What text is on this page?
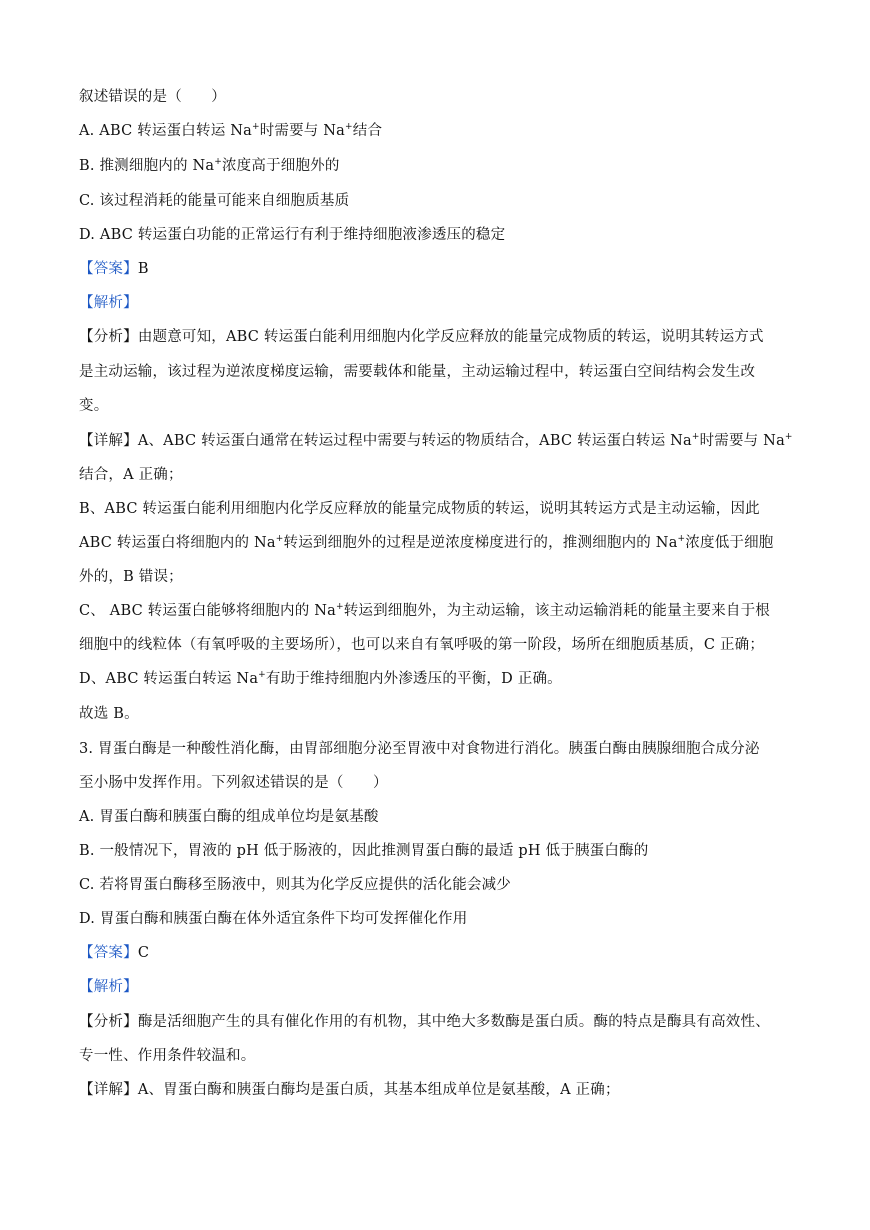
叙述错误的是（　　）
A. ABC 转运蛋白转运 Na+时需要与 Na+结合
B. 推测细胞内的 Na+浓度高于细胞外的
C. 该过程消耗的能量可能来自细胞质基质
D. ABC 转运蛋白功能的正常运行有利于维持细胞液渗透压的稳定
【答案】B
【解析】
【分析】由题意可知，ABC 转运蛋白能利用细胞内化学反应释放的能量完成物质的转运，说明其转运方式
是主动运输，该过程为逆浓度梯度运输，需要载体和能量，主动运输过程中，转运蛋白空间结构会发生改
变。
【详解】A、ABC 转运蛋白通常在转运过程中需要与转运的物质结合，ABC 转运蛋白转运 Na+时需要与 Na+
结合，A 正确；
B、ABC 转运蛋白能利用细胞内化学反应释放的能量完成物质的转运，说明其转运方式是主动运输，因此
ABC 转运蛋白将细胞内的 Na+转运到细胞外的过程是逆浓度梯度进行的，推测细胞内的 Na+浓度低于细胞
外的，B 错误；
C、 ABC 转运蛋白能够将细胞内的 Na+转运到细胞外，为主动运输，该主动运输消耗的能量主要来自于根
细胞中的线粒体（有氧呼吸的主要场所），也可以来自有氧呼吸的第一阶段，场所在细胞质基质，C 正确；
D、ABC 转运蛋白转运 Na+有助于维持细胞内外渗透压的平衡，D 正确。
故选 B。
3. 胃蛋白酶是一种酸性消化酶，由胃部细胞分泌至胃液中对食物进行消化。胰蛋白酶由胰腺细胞合成分泌
至小肠中发挥作用。下列叙述错误的是（　　）
A. 胃蛋白酶和胰蛋白酶的组成单位均是氨基酸
B. 一般情况下，胃液的 pH 低于肠液的，因此推测胃蛋白酶的最适 pH 低于胰蛋白酶的
C. 若将胃蛋白酶移至肠液中，则其为化学反应提供的活化能会减少
D. 胃蛋白酶和胰蛋白酶在体外适宜条件下均可发挥催化作用
【答案】C
【解析】
【分析】酶是活细胞产生的具有催化作用的有机物，其中绝大多数酶是蛋白质。酶的特点是酶具有高效性、
专一性、作用条件较温和。
【详解】A、胃蛋白酶和胰蛋白酶均是蛋白质，其基本组成单位是氨基酸，A 正确；
